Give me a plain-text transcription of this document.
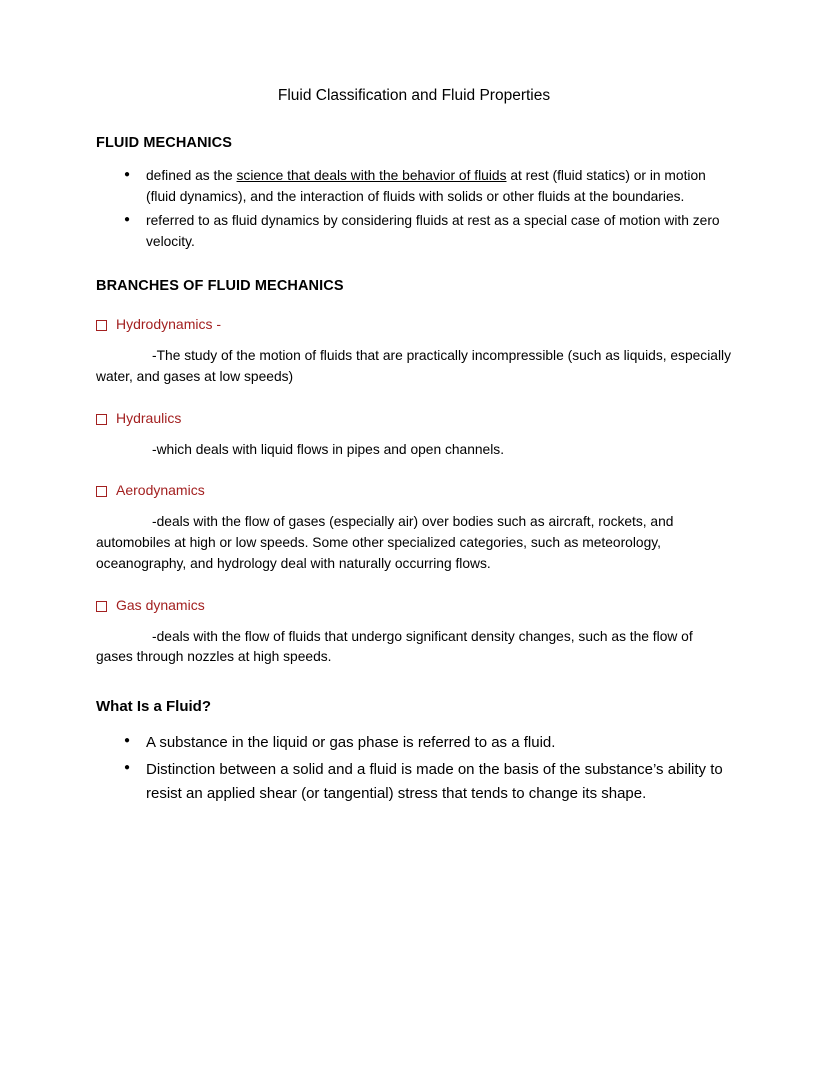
Fluid Classification and Fluid Properties
FLUID MECHANICS
● defined as the science that deals with the behavior of fluids at rest (fluid statics) or in motion (fluid dynamics), and the interaction of fluids with solids or other fluids at the boundaries.
● referred to as fluid dynamics by considering fluids at rest as a special case of motion with zero velocity.
BRANCHES OF FLUID MECHANICS
Hydrodynamics -
-The study of the motion of fluids that are practically incompressible (such as liquids, especially water, and gases at low speeds)
Hydraulics
-which deals with liquid flows in pipes and open channels.
Aerodynamics
-deals with the flow of gases (especially air) over bodies such as aircraft, rockets, and automobiles at high or low speeds. Some other specialized categories, such as meteorology, oceanography, and hydrology deal with naturally occurring flows.
Gas dynamics
-deals with the flow of fluids that undergo significant density changes, such as the flow of gases through nozzles at high speeds.
What Is a Fluid?
● A substance in the liquid or gas phase is referred to as a fluid.
● Distinction between a solid and a fluid is made on the basis of the substance’s ability to resist an applied shear (or tangential) stress that tends to change its shape.
